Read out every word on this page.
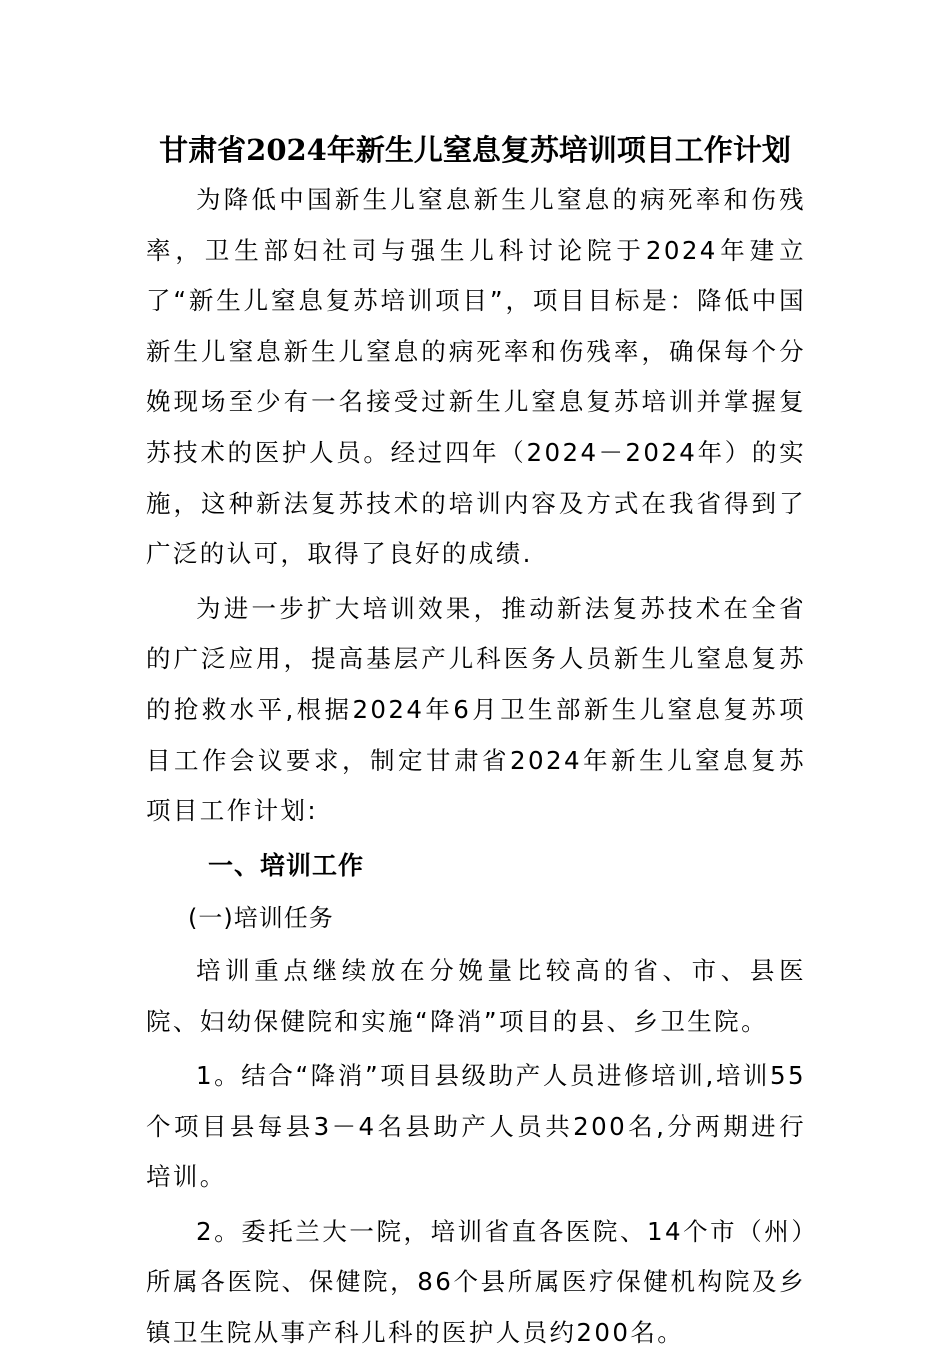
甘肃省2024年新生儿窒息复苏培训项目工作计划

为降低中国新生儿窒息新生儿窒息的病死率和伤残率，卫生部妇社司与强生儿科讨论院于2024年建立了“新生儿窒息复苏培训项目”，项目目标是：降低中国新生儿窒息新生儿窒息的病死率和伤残率，确保每个分娩现场至少有一名接受过新生儿窒息复苏培训并掌握复苏技术的医护人员。经过四年（2024－2024年）的实施，这种新法复苏技术的培训内容及方式在我省得到了广泛的认可，取得了良好的成绩.

为进一步扩大培训效果，推动新法复苏技术在全省的广泛应用，提高基层产儿科医务人员新生儿窒息复苏的抢救水平,根据2024年6月卫生部新生儿窒息复苏项目工作会议要求，制定甘肃省2024年新生儿窒息复苏项目工作计划:

一、培训工作
(一)培训任务

培训重点继续放在分娩量比较高的省、市、县医院、妇幼保健院和实施“降消”项目的县、乡卫生院。

1。结合“降消”项目县级助产人员进修培训,培训55个项目县每县3－4名县助产人员共200名,分两期进行培训。

2。委托兰大一院，培训省直各医院、14个市（州）所属各医院、保健院，86个县所属医疗保健机构院及乡镇卫生院从事产科儿科的医护人员约200名。
